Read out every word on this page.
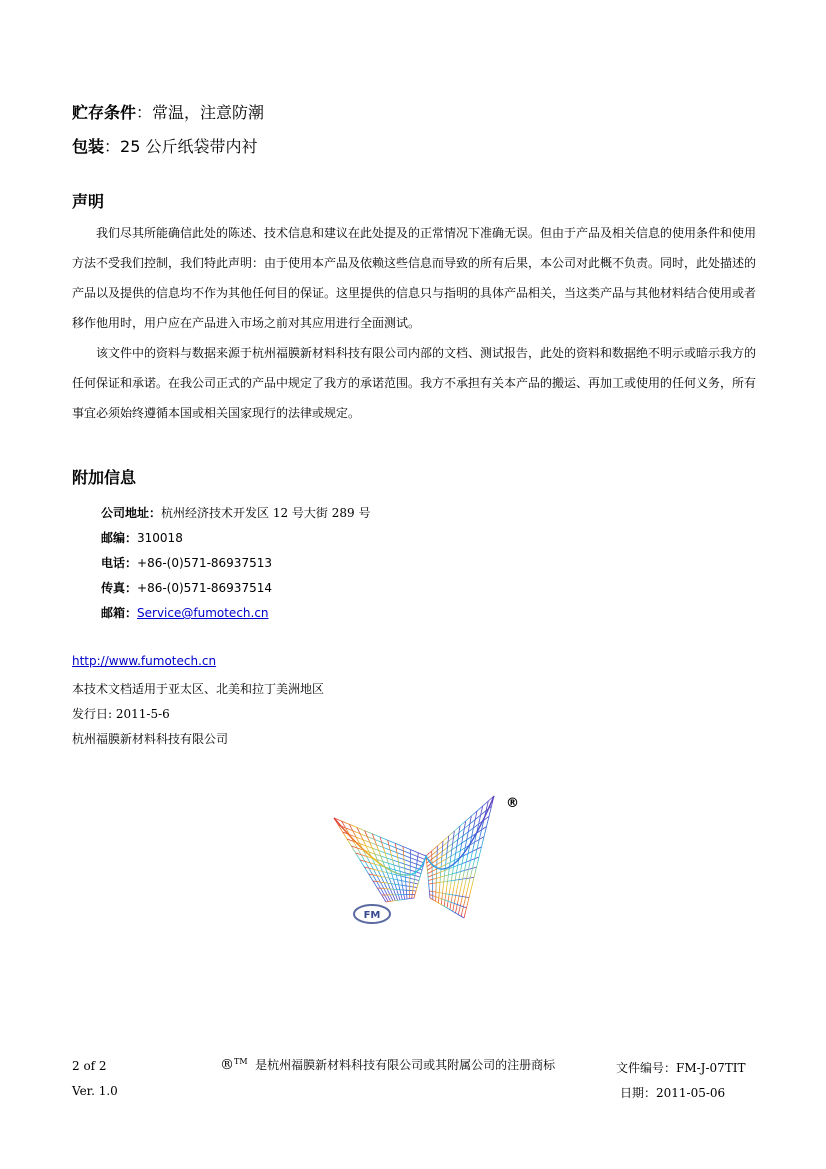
贮存条件：常温，注意防潮
包装：25 公斤纸袋带内衬
声明
我们尽其所能确信此处的陈述、技术信息和建议在此处提及的正常情况下准确无误。但由于产品及相关信息的使用条件和使用方法不受我们控制，我们特此声明：由于使用本产品及依赖这些信息而导致的所有后果，本公司对此概不负责。同时，此处描述的产品以及提供的信息均不作为其他任何目的保证。这里提供的信息只与指明的具体产品相关，当这类产品与其他材料结合使用或者移作他用时，用户应在产品进入市场之前对其应用进行全面测试。
该文件中的资料与数据来源于杭州福膜新材料科技有限公司内部的文档、测试报告，此处的资料和数据绝不明示或暗示我方的任何保证和承诺。在我公司正式的产品中规定了我方的承诺范围。我方不承担有关本产品的搬运、再加工或使用的任何义务，所有事宜必须始终遵循本国或相关国家现行的法律或规定。
附加信息
公司地址：杭州经济技术开发区 12 号大街 289 号
邮编：310018
电话：+86-(0)571-86937513
传真：+86-(0)571-86937514
邮箱：Service@fumotech.cn
http://www.fumotech.cn
本技术文档适用于亚太区、北美和拉丁美洲地区
发行日: 2011-5-6
杭州福膜新材料科技有限公司
FM
®
2 of 2	®™ 是杭州福膜新材料科技有限公司或其附属公司的注册商标	文件编号：FM-J-07TIT
Ver. 1.0	日期：2011-05-06
